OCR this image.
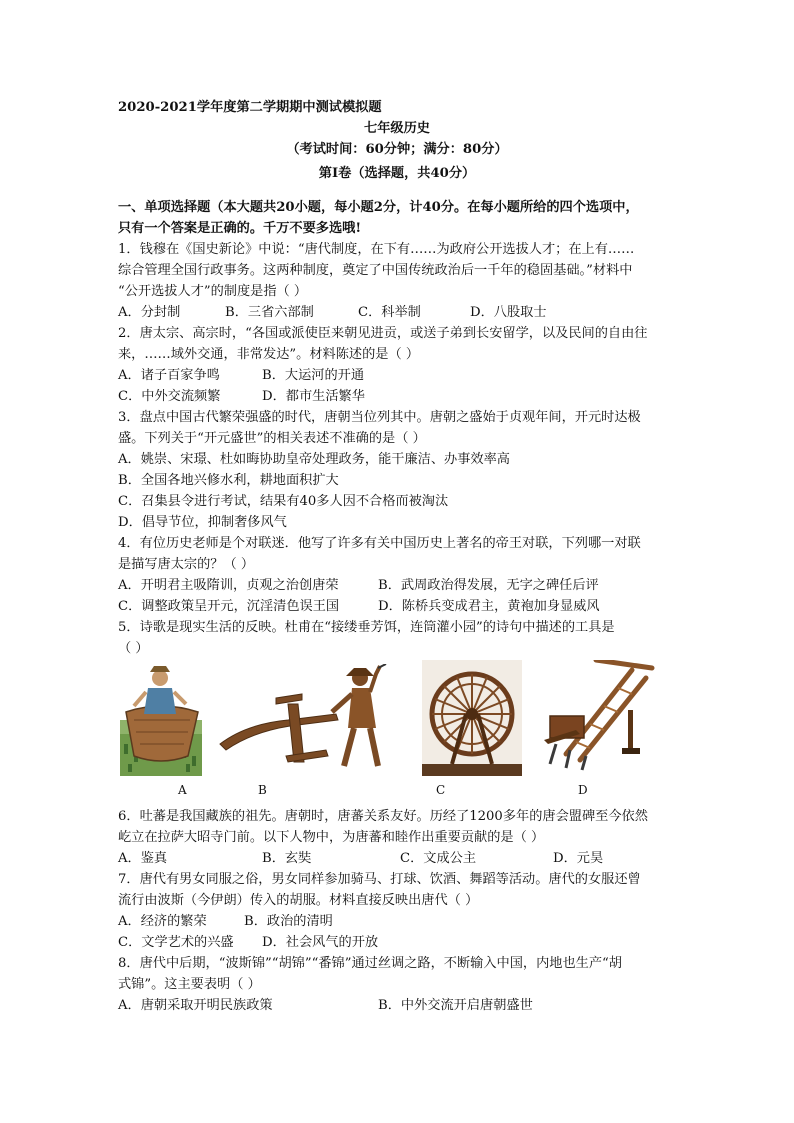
2020-2021学年度第二学期期中测试模拟题
七年级历史
（考试时间：60分钟；满分：80分）
第Ⅰ卷（选择题，共40分）
一、单项选择题（本大题共20小题，每小题2分，计40分。在每小题所给的四个选项中，
只有一个答案是正确的。千万不要多选哦!
1．钱穆在《国史新论》中说：“唐代制度，在下有……为政府公开选拔人才；在上有……
综合管理全国行政事务。这两种制度，奠定了中国传统政治后一千年的稳固基础。”材料中
“公开选拔人才”的制度是指（ ）
A．分封制	B．三省六部制	C．科举制	D．八股取士
2．唐太宗、高宗时，“各国或派使臣来朝见进贡，或送子弟到长安留学，以及民间的自由往
来，……域外交通，非常发达”。材料陈述的是（ ）
A．诸子百家争鸣	B．大运河的开通
C．中外交流频繁	D．都市生活繁华
3．盘点中国古代繁荣强盛的时代，唐朝当位列其中。唐朝之盛始于贞观年间，开元时达极
盛。下列关于“开元盛世”的相关表述不准确的是（ ）
A．姚崇、宋璟、杜如晦协助皇帝处理政务，能干廉洁、办事效率高
B．全国各地兴修水利，耕地面积扩大
C．召集县令进行考试，结果有40多人因不合格而被淘汰
D．倡导节位，抑制奢侈风气
4．有位历史老师是个对联迷．他写了许多有关中国历史上著名的帝王对联，下列哪一对联
是描写唐太宗的？（ ）
A．开明君主吸隋训，贞观之治创唐荣	B．武周政治得发展，无字之碑任后评
C．调整政策呈开元，沉淫清色误王国	D．陈桥兵变成君主，黄袍加身显威风
5．诗歌是现实生活的反映。杜甫在“接缕垂芳饵，连筒灌小园”的诗句中描述的工具是
（ ）
A	B	C	D
6．吐蕃是我国藏族的祖先。唐朝时，唐蕃关系友好。历经了1200多年的唐会盟碑至今依然
屹立在拉萨大昭寺门前。以下人物中，为唐蕃和睦作出重要贡献的是（ ）
A．鉴真	B．玄奘	C．文成公主	D．元昊
7．唐代有男女同服之俗，男女同样参加骑马、打球、饮酒、舞蹈等活动。唐代的女服还曾
流行由波斯（今伊朗）传入的胡服。材料直接反映出唐代（ ）
A．经济的繁荣	B．政治的清明
C．文学艺术的兴盛 D．社会风气的开放
8．唐代中后期，“波斯锦”“胡锦”“番锦”通过丝调之路，不断输入中国，内地也生产“胡
式锦”。这主要表明（ ）
A．唐朝采取开明民族政策	B．中外交流开启唐朝盛世
